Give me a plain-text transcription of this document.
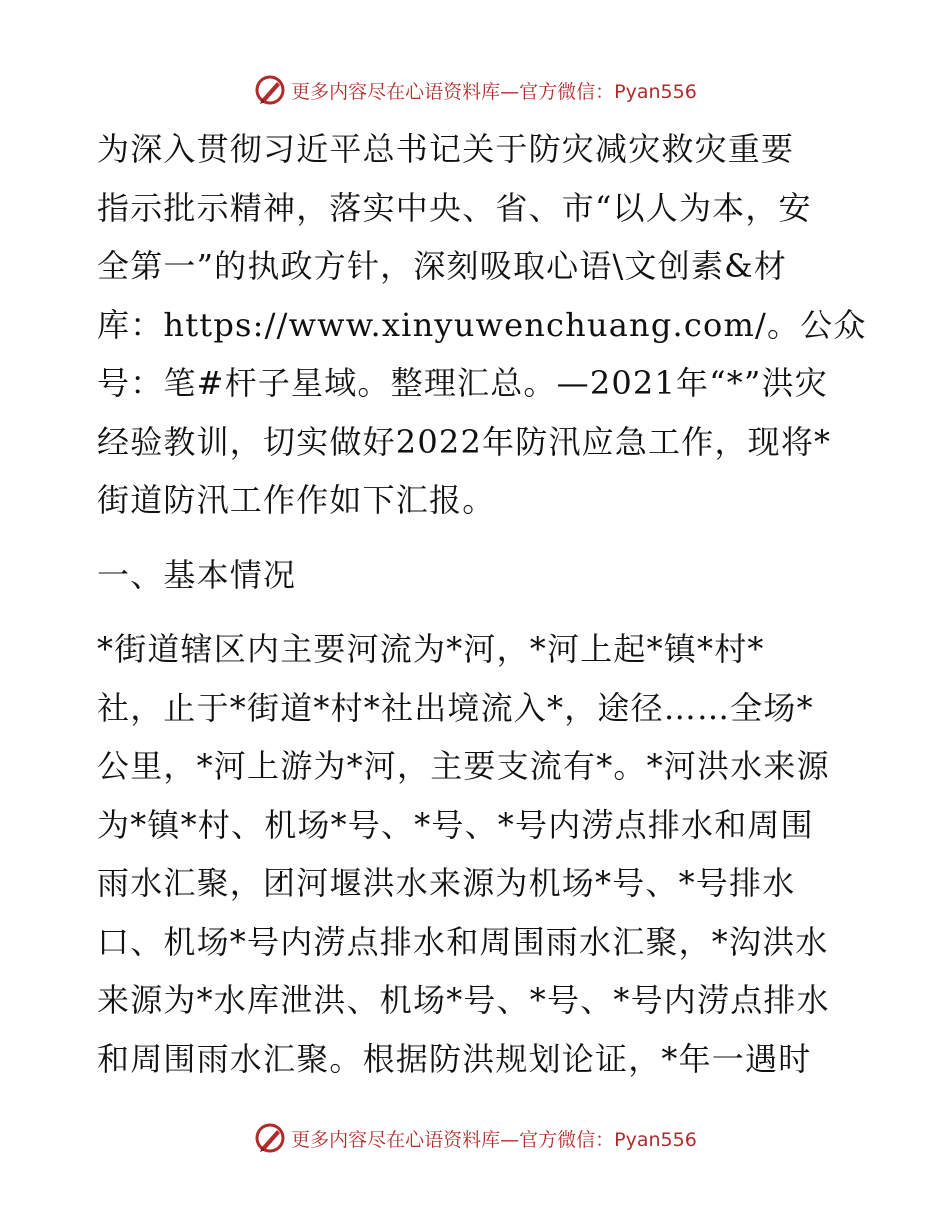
更多内容尽在心语资料库—官方微信：Pyan556

为深入贯彻习近平总书记关于防灾减灾救灾重要
指示批示精神，落实中央、省、市“以人为本，安
全第一”的执政方针，深刻吸取心语\文创素&材
库：https://www.xinyuwenchuang.com/。公众
号：笔#杆子星域。整理汇总。—2021年“*”洪灾
经验教训，切实做好2022年防汛应急工作，现将*
街道防汛工作作如下汇报。

一、基本情况

*街道辖区内主要河流为*河，*河上起*镇*村*
社，止于*街道*村*社出境流入*，途径……全场*
公里，*河上游为*河，主要支流有*。*河洪水来源
为*镇*村、机场*号、*号、*号内涝点排水和周围
雨水汇聚，团河堰洪水来源为机场*号、*号排水
口、机场*号内涝点排水和周围雨水汇聚，*沟洪水
来源为*水库泄洪、机场*号、*号、*号内涝点排水
和周围雨水汇聚。根据防洪规划论证，*年一遇时

更多内容尽在心语资料库—官方微信：Pyan556
